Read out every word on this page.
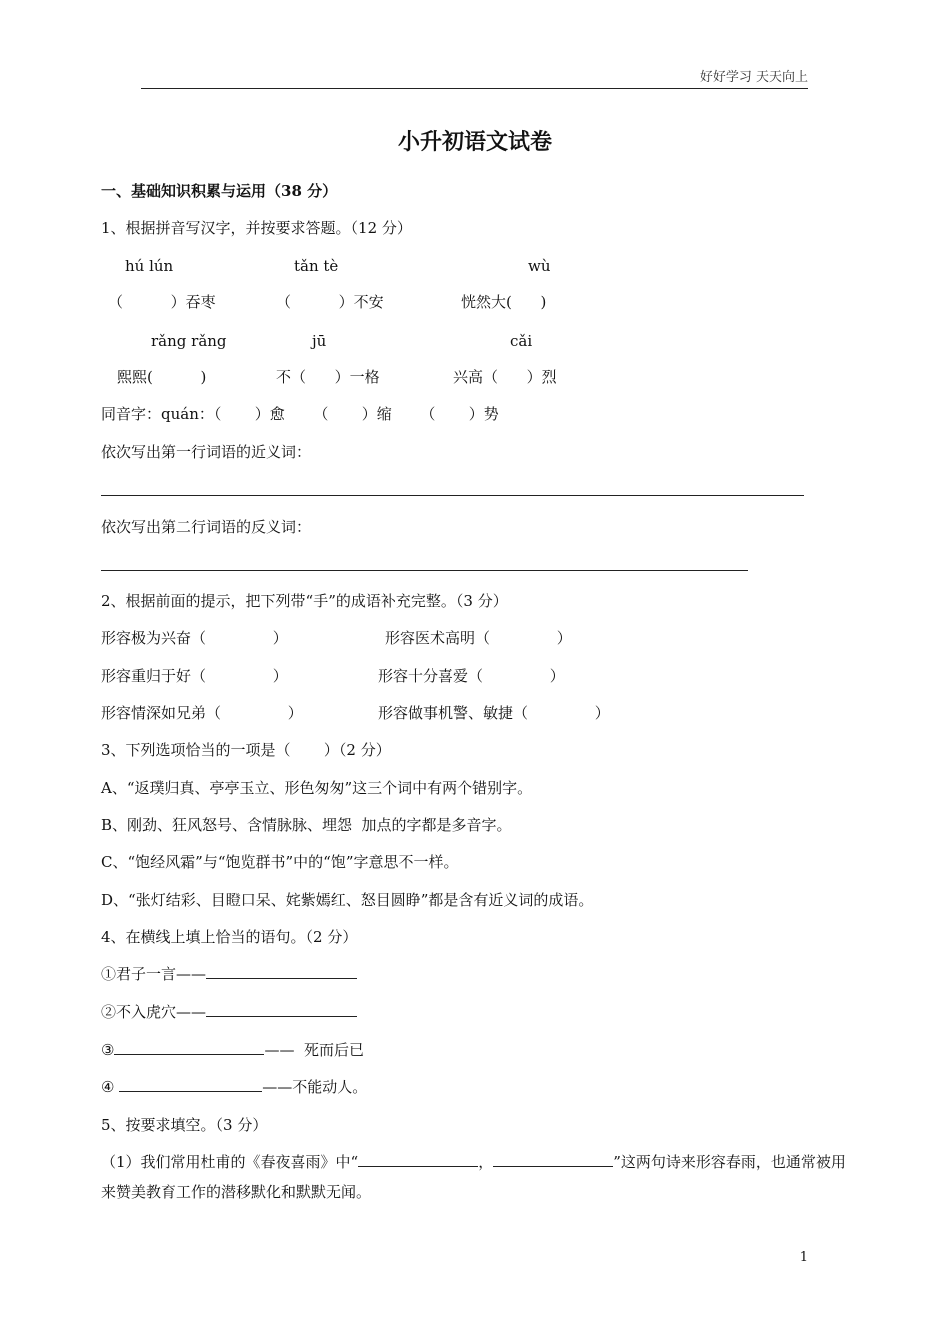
好好学习 天天向上
小升初语文试卷
一、基础知识积累与运用（38 分）
1、根据拼音写汉字，并按要求答题。（12 分）
hú lún	tǎn tè	wù
（          ）吞枣	（          ）不安	恍然大(      )
rǎng rǎng	jū	cǎi
熙熙(          )	不（      ）一格	兴高（      ）烈
同音字：quán：（       ）愈      （       ）缩      （       ）势
依次写出第一行词语的近义词：
依次写出第二行词语的反义词：
2、根据前面的提示，把下列带“手”的成语补充完整。（3 分）
形容极为兴奋（              ）	形容医术高明（              ）
形容重归于好（              ）	形容十分喜爱（              ）
形容情深如兄弟（              ）	形容做事机警、敏捷（              ）
3、下列选项恰当的一项是（       ）（2 分）
A、“返璞归真、亭亭玉立、形色匆匆”这三个词中有两个错别字。
B、刚劲、狂风怒号、含情脉脉、埋怨  加点的字都是多音字。
C、“饱经风霜”与“饱览群书”中的“饱”字意思不一样。
D、“张灯结彩、目瞪口呆、姹紫嫣红、怒目圆睁”都是含有近义词的成语。
4、在横线上填上恰当的语句。（2 分）
①君子一言——
②不入虎穴——
③	——  死而后已
④	——不能动人。
5、按要求填空。（3 分）
（1）我们常用杜甫的《春夜喜雨》中“	，	”这两句诗来形容春雨，也通常被用来赞美教育工作的潜移默化和默默无闻。
1
